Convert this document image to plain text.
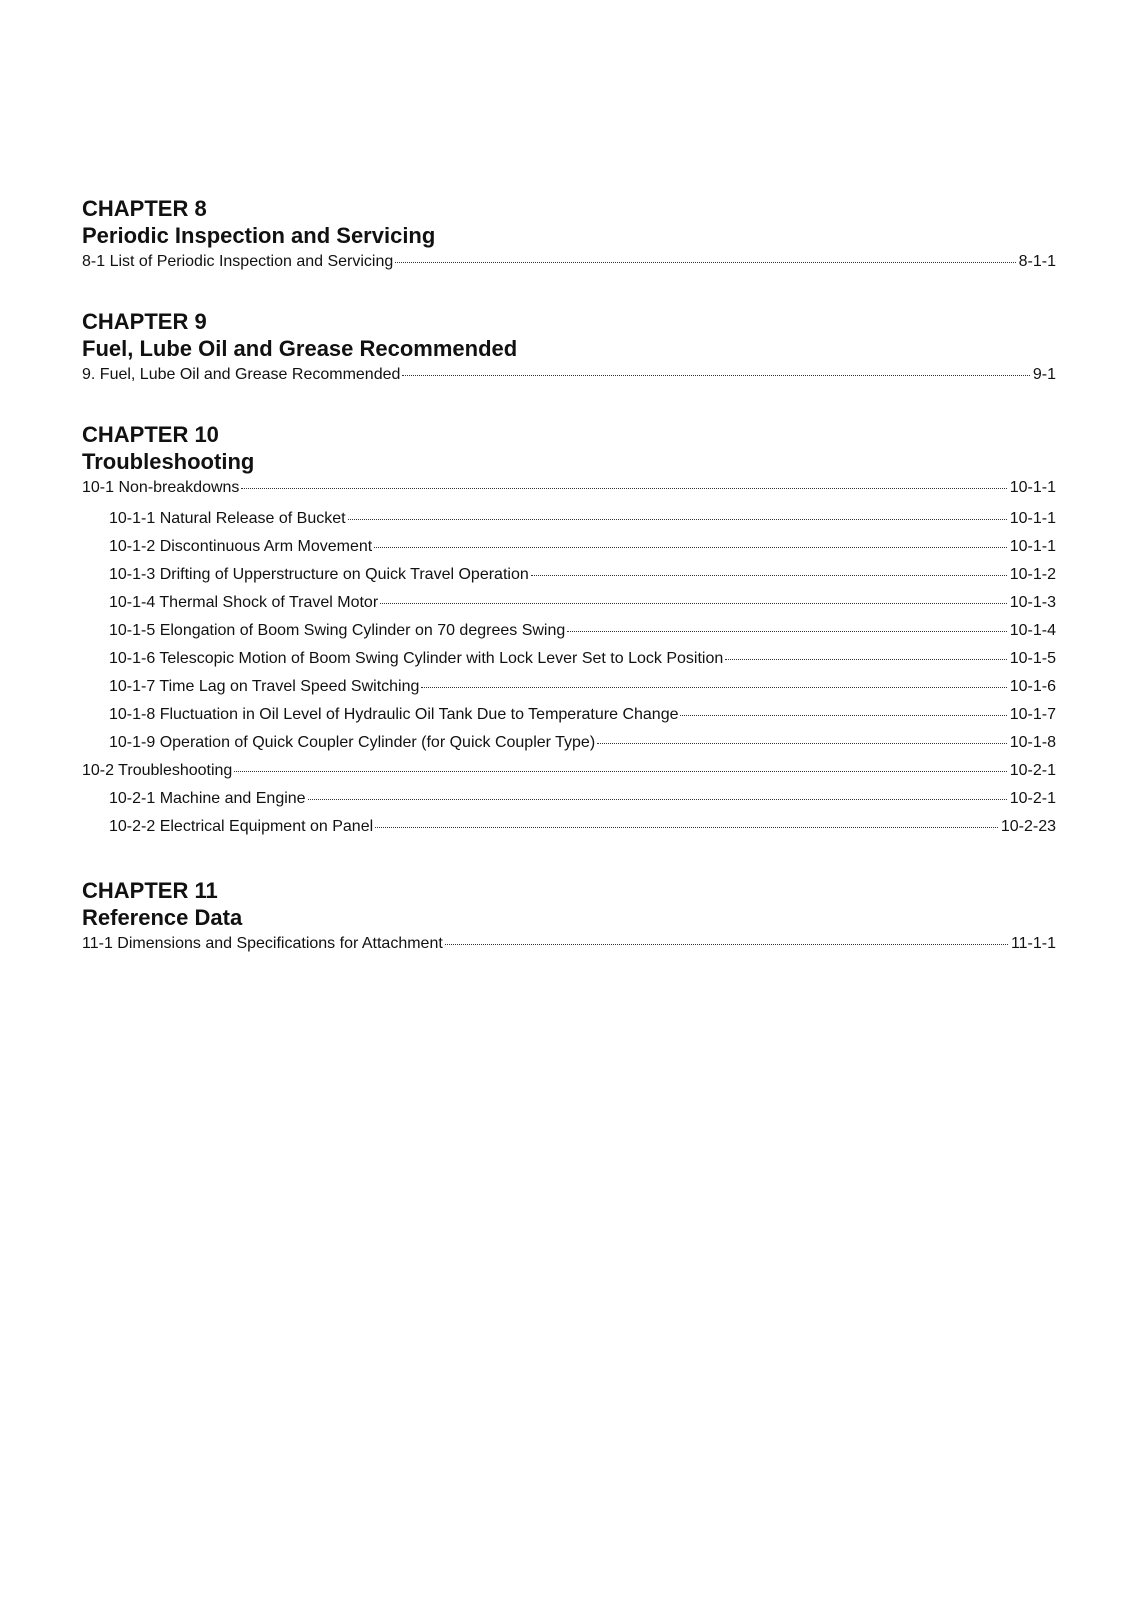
CHAPTER 8
Periodic Inspection and Servicing
8-1 List of Periodic Inspection and Servicing	8-1-1
CHAPTER 9
Fuel, Lube Oil and Grease Recommended
9. Fuel, Lube Oil and Grease Recommended	9-1
CHAPTER 10
Troubleshooting
10-1 Non-breakdowns	10-1-1
10-1-1 Natural Release of Bucket	10-1-1
10-1-2 Discontinuous Arm Movement	10-1-1
10-1-3 Drifting of Upperstructure on Quick Travel Operation	10-1-2
10-1-4 Thermal Shock of Travel Motor	10-1-3
10-1-5 Elongation of Boom Swing Cylinder on 70 degrees Swing	10-1-4
10-1-6 Telescopic Motion of Boom Swing Cylinder with Lock Lever Set to Lock Position	10-1-5
10-1-7 Time Lag on Travel Speed Switching	10-1-6
10-1-8 Fluctuation in Oil Level of Hydraulic Oil Tank Due to Temperature Change	10-1-7
10-1-9 Operation of Quick Coupler Cylinder (for Quick Coupler Type)	10-1-8
10-2 Troubleshooting	10-2-1
10-2-1 Machine and Engine	10-2-1
10-2-2 Electrical Equipment on Panel	10-2-23
CHAPTER 11
Reference Data
11-1 Dimensions and Specifications for Attachment	11-1-1
